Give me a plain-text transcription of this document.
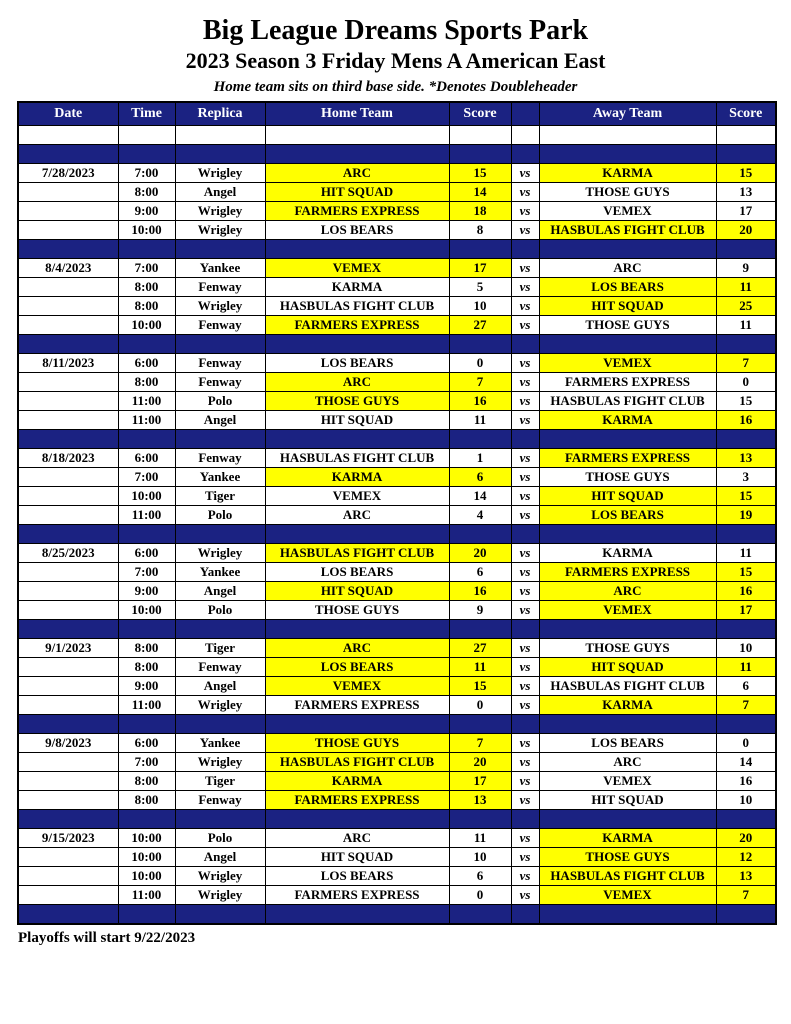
Big League Dreams Sports Park
2023 Season 3 Friday Mens A American East
Home team sits on third base side. *Denotes Doubleheader
Date	Time	Replica	Home Team	Score		Away Team	Score

7/28/2023	7:00	Wrigley	ARC	15	vs	KARMA	15
	8:00	Angel	HIT SQUAD	14	vs	THOSE GUYS	13
	9:00	Wrigley	FARMERS EXPRESS	18	vs	VEMEX	17
	10:00	Wrigley	LOS BEARS	8	vs	HASBULAS FIGHT CLUB	20

8/4/2023	7:00	Yankee	VEMEX	17	vs	ARC	9
	8:00	Fenway	KARMA	5	vs	LOS BEARS	11
	8:00	Wrigley	HASBULAS FIGHT CLUB	10	vs	HIT SQUAD	25
	10:00	Fenway	FARMERS EXPRESS	27	vs	THOSE GUYS	11

8/11/2023	6:00	Fenway	LOS BEARS	0	vs	VEMEX	7
	8:00	Fenway	ARC	7	vs	FARMERS EXPRESS	0
	11:00	Polo	THOSE GUYS	16	vs	HASBULAS FIGHT CLUB	15
	11:00	Angel	HIT SQUAD	11	vs	KARMA	16

8/18/2023	6:00	Fenway	HASBULAS FIGHT CLUB	1	vs	FARMERS EXPRESS	13
	7:00	Yankee	KARMA	6	vs	THOSE GUYS	3
	10:00	Tiger	VEMEX	14	vs	HIT SQUAD	15
	11:00	Polo	ARC	4	vs	LOS BEARS	19

8/25/2023	6:00	Wrigley	HASBULAS FIGHT CLUB	20	vs	KARMA	11
	7:00	Yankee	LOS BEARS	6	vs	FARMERS EXPRESS	15
	9:00	Angel	HIT SQUAD	16	vs	ARC	16
	10:00	Polo	THOSE GUYS	9	vs	VEMEX	17

9/1/2023	8:00	Tiger	ARC	27	vs	THOSE GUYS	10
	8:00	Fenway	LOS BEARS	11	vs	HIT SQUAD	11
	9:00	Angel	VEMEX	15	vs	HASBULAS FIGHT CLUB	6
	11:00	Wrigley	FARMERS EXPRESS	0	vs	KARMA	7

9/8/2023	6:00	Yankee	THOSE GUYS	7	vs	LOS BEARS	0
	7:00	Wrigley	HASBULAS FIGHT CLUB	20	vs	ARC	14
	8:00	Tiger	KARMA	17	vs	VEMEX	16
	8:00	Fenway	FARMERS EXPRESS	13	vs	HIT SQUAD	10

9/15/2023	10:00	Polo	ARC	11	vs	KARMA	20
	10:00	Angel	HIT SQUAD	10	vs	THOSE GUYS	12
	10:00	Wrigley	LOS BEARS	6	vs	HASBULAS FIGHT CLUB	13
	11:00	Wrigley	FARMERS EXPRESS	0	vs	VEMEX	7

Playoffs will start 9/22/2023
